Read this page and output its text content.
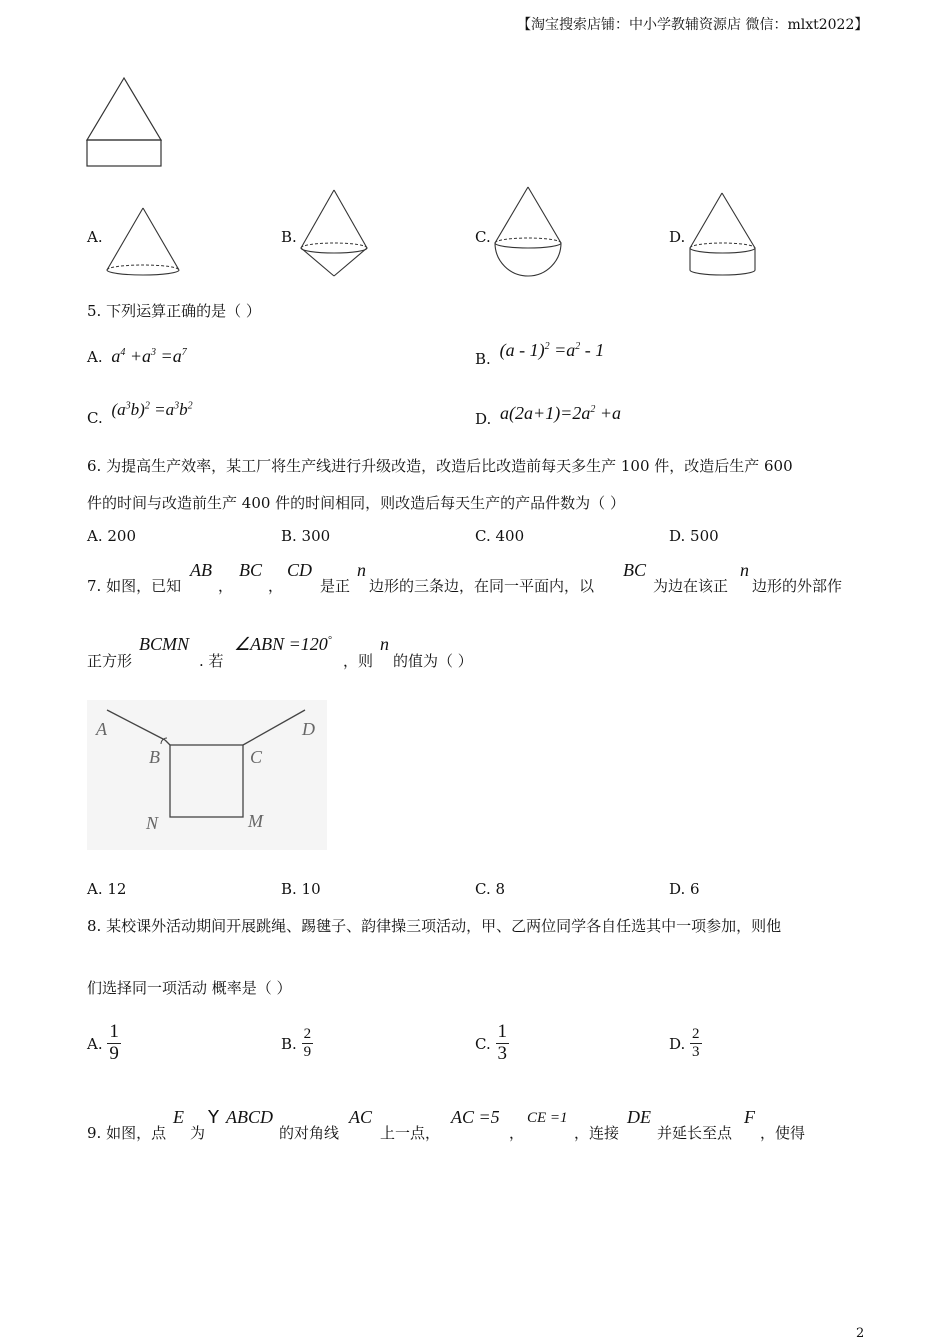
【淘宝搜索店铺：中小学教辅资源店 微信：mlxt2022】
A.	B.	C.	D.
5. 下列运算正确的是（ ）
A. $a^4 +a^3 =a^7$	B. $(a - 1)^2 =a^2 - 1$
C. $(a^3b)^2 =a^3b^2$
D. $a(2a+1)=2a^2 +a$
6. 为提高生产效率，某工厂将生产线进行升级改造，改造后比改造前每天多生产 100 件，改造后生产 600
件的时间与改造前生产 400 件的时间相同，则改造后每天生产的产品件数为（ ）
A. 200	B. 300	C. 400	D. 500
7. 如图，已知
AB
，
BC
，
CD
是正
n
边形的三条边，在同一平面内，以
BC
为边在该正
n
边形的外部作
正方形
BCMN
. 若
∠ABN =120°
，则
n
的值为（ ）
A
B	C
D
N	M
A. 12	B. 10	C. 8	D. 6
8. 某校课外活动期间开展跳绳、踢毽子、韵律操三项活动，甲、乙两位同学各自任选其中一项参加，则他
们选择同一项活动 概率是（ ）
A. $\frac{1}{9}$	B. $\frac{2}{9}$	C. $\frac{1}{3}$	D. $\frac{2}{3}$
9. 如图，点
E
为
Y ABCD
的对角线
AC
上一点，
AC =5
，
CE =1
，连接
DE
并延长至点
F
，使得
2
